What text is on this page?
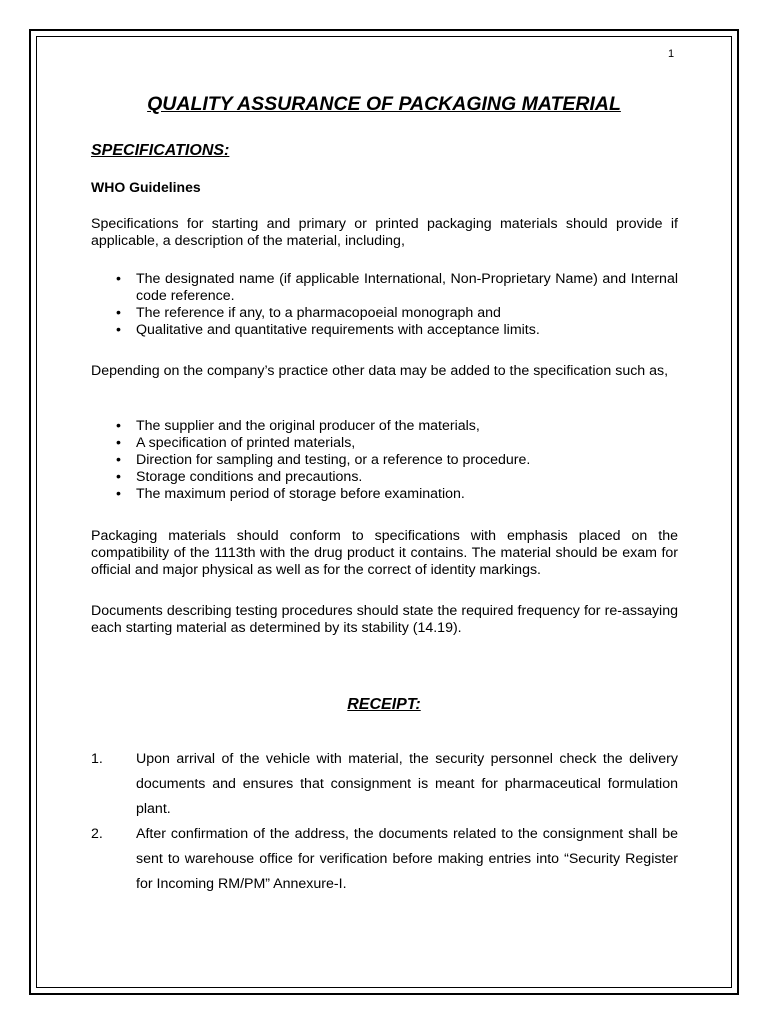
1
QUALITY ASSURANCE OF PACKAGING MATERIAL
SPECIFICATIONS:
WHO Guidelines

Specifications for starting and primary or printed packaging materials should provide if applicable, a description of the material, including,

• The designated name (if applicable International, Non-Proprietary Name) and Internal code reference.
• The reference if any, to a pharmacopoeial monograph and
• Qualitative and quantitative requirements with acceptance limits.

Depending on the company’s practice other data may be added to the specification such as,

• The supplier and the original producer of the materials,
• A specification of printed materials,
• Direction for sampling and testing, or a reference to procedure.
• Storage conditions and precautions.
• The maximum period of storage before examination.

Packaging materials should conform to specifications with emphasis placed on the compatibility of the 1113th with the drug product it contains. The material should be exam for official and major physical as well as for the correct of identity markings.

Documents describing testing procedures should state the required frequency for re-assaying each starting material as determined by its stability (14.19).

RECEIPT:
1. Upon arrival of the vehicle with material, the security personnel check the delivery documents and ensures that consignment is meant for pharmaceutical formulation plant.
2. After confirmation of the address, the documents related to the consignment shall be sent to warehouse office for verification before making entries into “Security Register for Incoming RM/PM” Annexure-I.
